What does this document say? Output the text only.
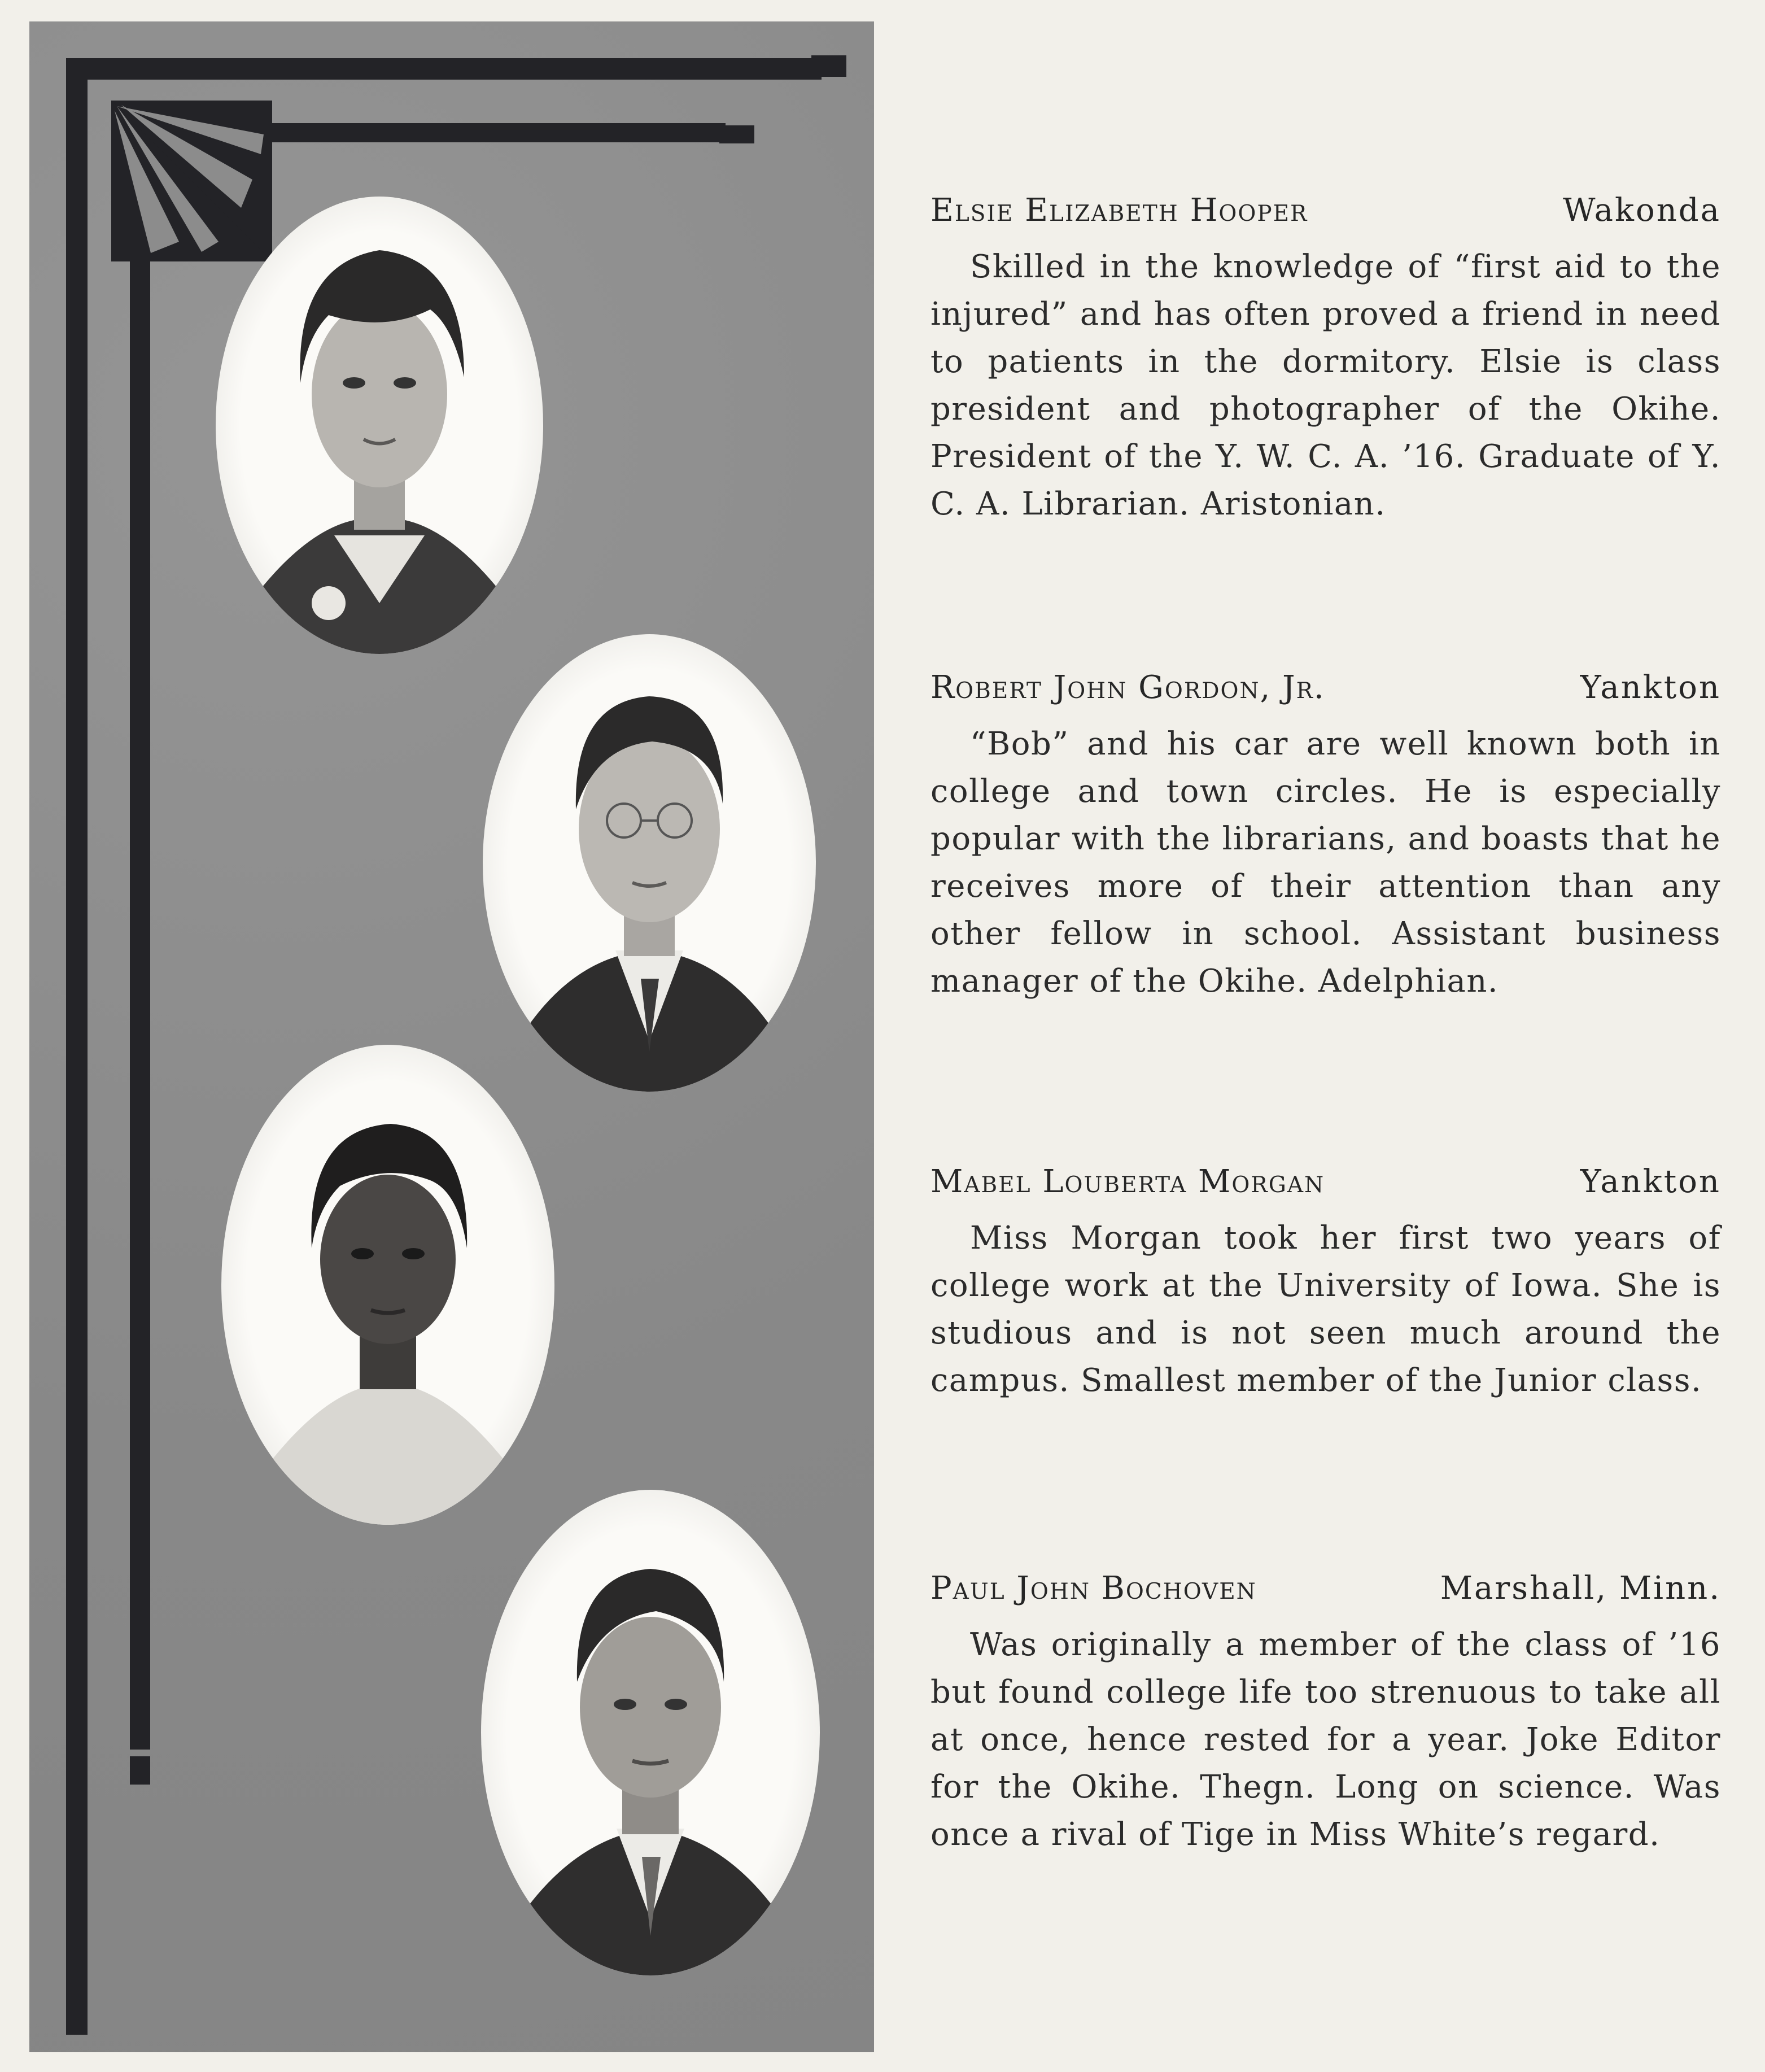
Elsie Elizabeth Hooper	Wakonda

Skilled in the knowledge of “first aid to the injured” and has often proved a friend in need to patients in the dormitory. Elsie is class president and photographer of the Okihe. President of the Y. W. C. A. ’16. Graduate of Y. C. A. Librarian. Aristonian.

Robert John Gordon, Jr.	Yankton

“Bob” and his car are well known both in college and town circles. He is especially popular with the librarians, and boasts that he receives more of their attention than any other fellow in school. Assistant business manager of the Okihe. Adelphian.

Mabel Louberta Morgan	Yankton

Miss Morgan took her first two years of college work at the University of Iowa. She is studious and is not seen much around the campus. Smallest member of the Junior class.

Paul John Bochoven	Marshall, Minn.

Was originally a member of the class of ’16 but found college life too strenuous to take all at once, hence rested for a year. Joke Editor for the Okihe. Thegn. Long on science. Was once a rival of Tige in Miss White’s regard.
